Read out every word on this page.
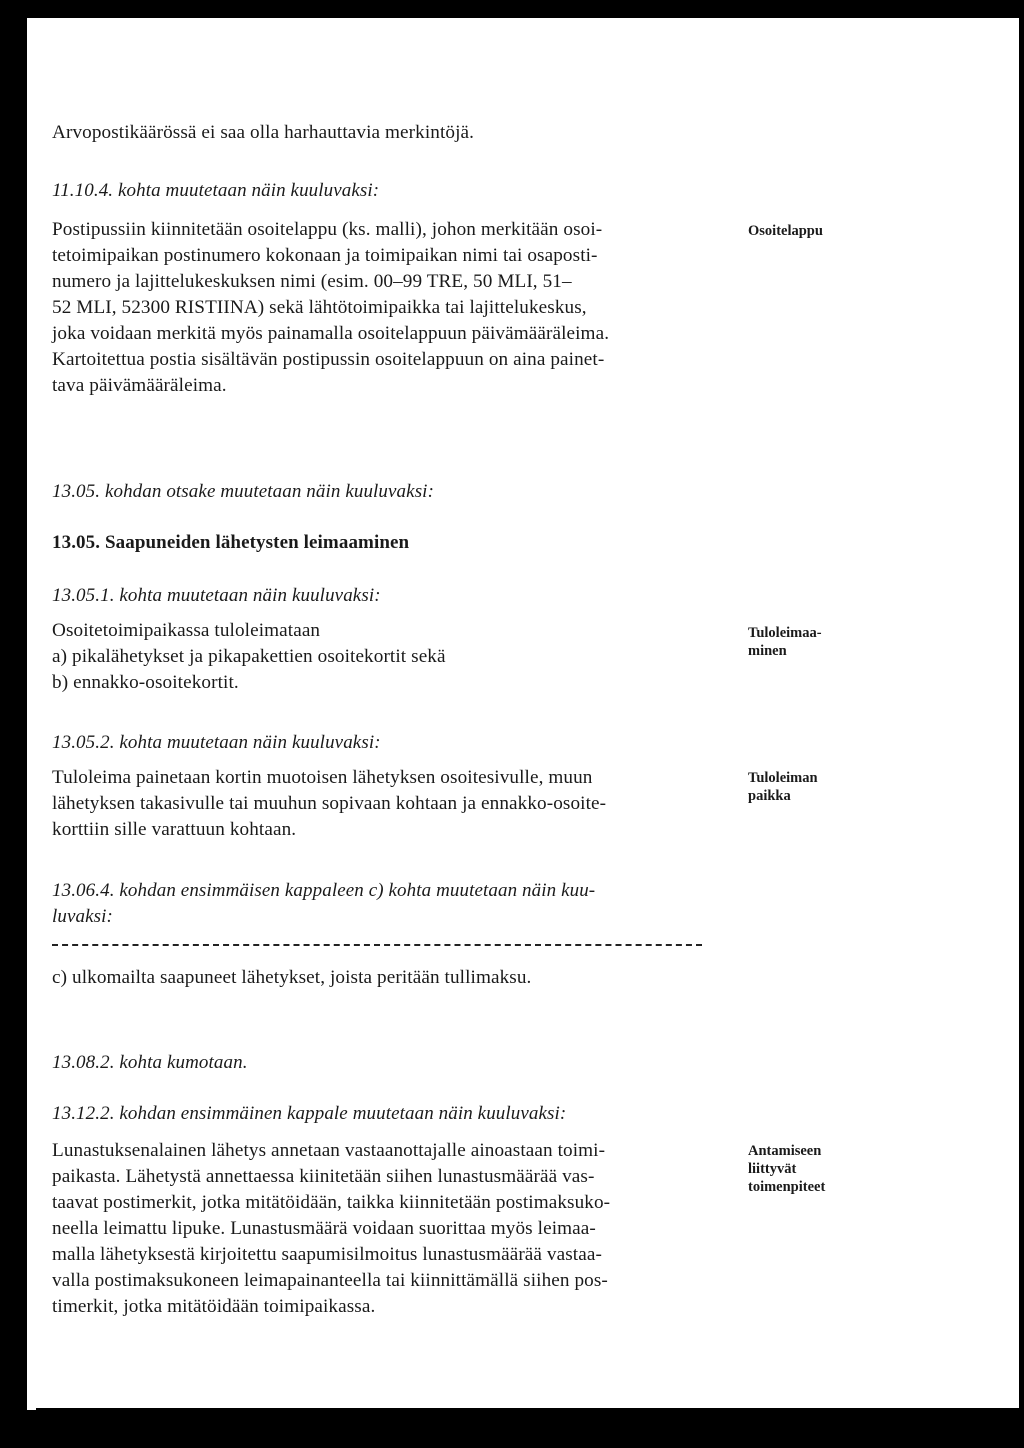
Arvopostikäärössä ei saa olla harhauttavia merkintöjä.
11.10.4. kohta muutetaan näin kuuluvaksi:
Postipussiin kiinnitetään osoitelappu (ks. malli), johon merkitään osoi-
tetoimipaikan postinumero kokonaan ja toimipaikan nimi tai osaposti-
numero ja lajittelukeskuksen nimi (esim. 00–99 TRE, 50 MLI, 51–
52 MLI, 52300 RISTIINA) sekä lähtötoimipaikka tai lajittelukeskus,
joka voidaan merkitä myös painamalla osoitelappuun päivämääräleima.
Kartoitettua postia sisältävän postipussin osoitelappuun on aina painet-
tava päivämääräleima.
Osoitelappu
13.05. kohdan otsake muutetaan näin kuuluvaksi:
13.05. Saapuneiden lähetysten leimaaminen
13.05.1. kohta muutetaan näin kuuluvaksi:
Osoitetoimipaikassa tuloleimataan
a) pikalähetykset ja pikapakettien osoitekortit sekä
b) ennakko-osoitekortit.
Tuloleimaa-
minen
13.05.2. kohta muutetaan näin kuuluvaksi:
Tuloleima painetaan kortin muotoisen lähetyksen osoitesivulle, muun
lähetyksen takasivulle tai muuhun sopivaan kohtaan ja ennakko-osoite-
korttiin sille varattuun kohtaan.
Tuloleiman
paikka
13.06.4. kohdan ensimmäisen kappaleen c) kohta muutetaan näin kuu-
luvaksi:
c) ulkomailta saapuneet lähetykset, joista peritään tullimaksu.
13.08.2. kohta kumotaan.
13.12.2. kohdan ensimmäinen kappale muutetaan näin kuuluvaksi:
Lunastuksenalainen lähetys annetaan vastaanottajalle ainoastaan toimi-
paikasta. Lähetystä annettaessa kiinitetään siihen lunastusmäärää vas-
taavat postimerkit, jotka mitätöidään, taikka kiinnitetään postimaksuko-
neella leimattu lipuke. Lunastusmäärä voidaan suorittaa myös leimaa-
malla lähetyksestä kirjoitettu saapumisilmoitus lunastusmäärää vastaa-
valla postimaksukoneen leimapainanteella tai kiinnittämällä siihen pos-
timerkit, jotka mitätöidään toimipaikassa.
Antamiseen
liittyvät
toimenpiteet
